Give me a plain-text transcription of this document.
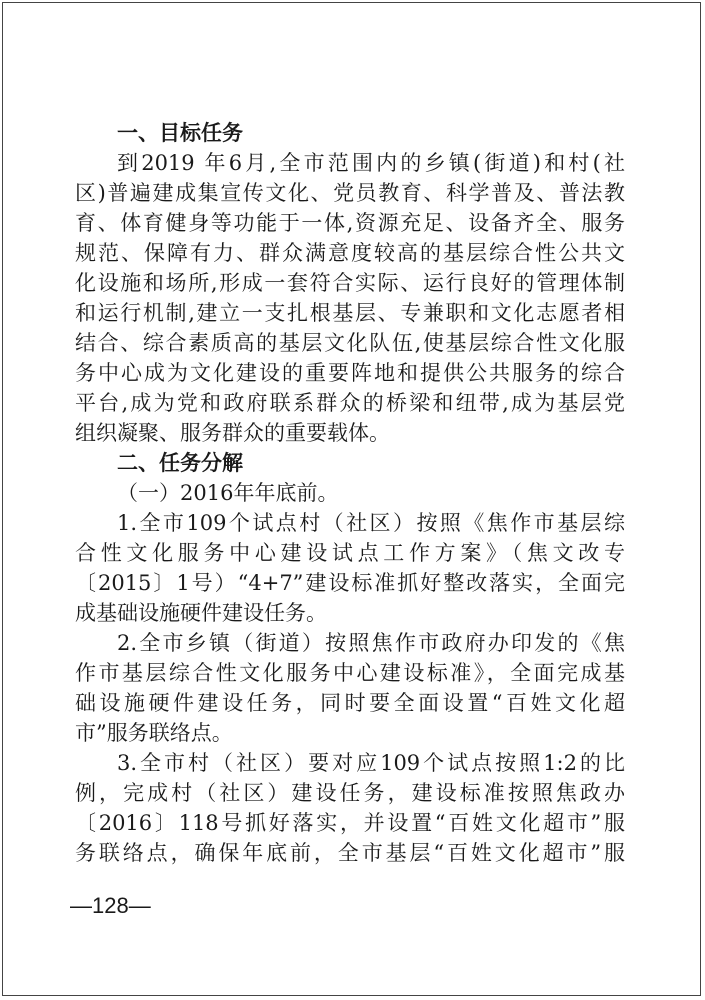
一、目标任务
到2019 年6月,全市范围内的乡镇(街道)和村(社
区)普遍建成集宣传文化、党员教育、科学普及、普法教
育、体育健身等功能于一体,资源充足、设备齐全、服务
规范、保障有力、群众满意度较高的基层综合性公共文
化设施和场所,形成一套符合实际、运行良好的管理体制
和运行机制,建立一支扎根基层、专兼职和文化志愿者相
结合、综合素质高的基层文化队伍,使基层综合性文化服
务中心成为文化建设的重要阵地和提供公共服务的综合
平台,成为党和政府联系群众的桥梁和纽带,成为基层党
组织凝聚、服务群众的重要载体。
二、任务分解
（一）2016年年底前。
1.全市109个试点村（社区）按照《焦作市基层综
合性文化服务中心建设试点工作方案》（焦文改专
〔2015〕1号）“4+7”建设标准抓好整改落实，全面完
成基础设施硬件建设任务。
2.全市乡镇（街道）按照焦作市政府办印发的《焦
作市基层综合性文化服务中心建设标准》，全面完成基
础设施硬件建设任务，同时要全面设置“百姓文化超
市”服务联络点。
3.全市村（社区）要对应109个试点按照1:2的比
例，完成村（社区）建设任务，建设标准按照焦政办
〔2016〕118号抓好落实，并设置“百姓文化超市”服
务联络点，确保年底前，全市基层“百姓文化超市”服
—128—
